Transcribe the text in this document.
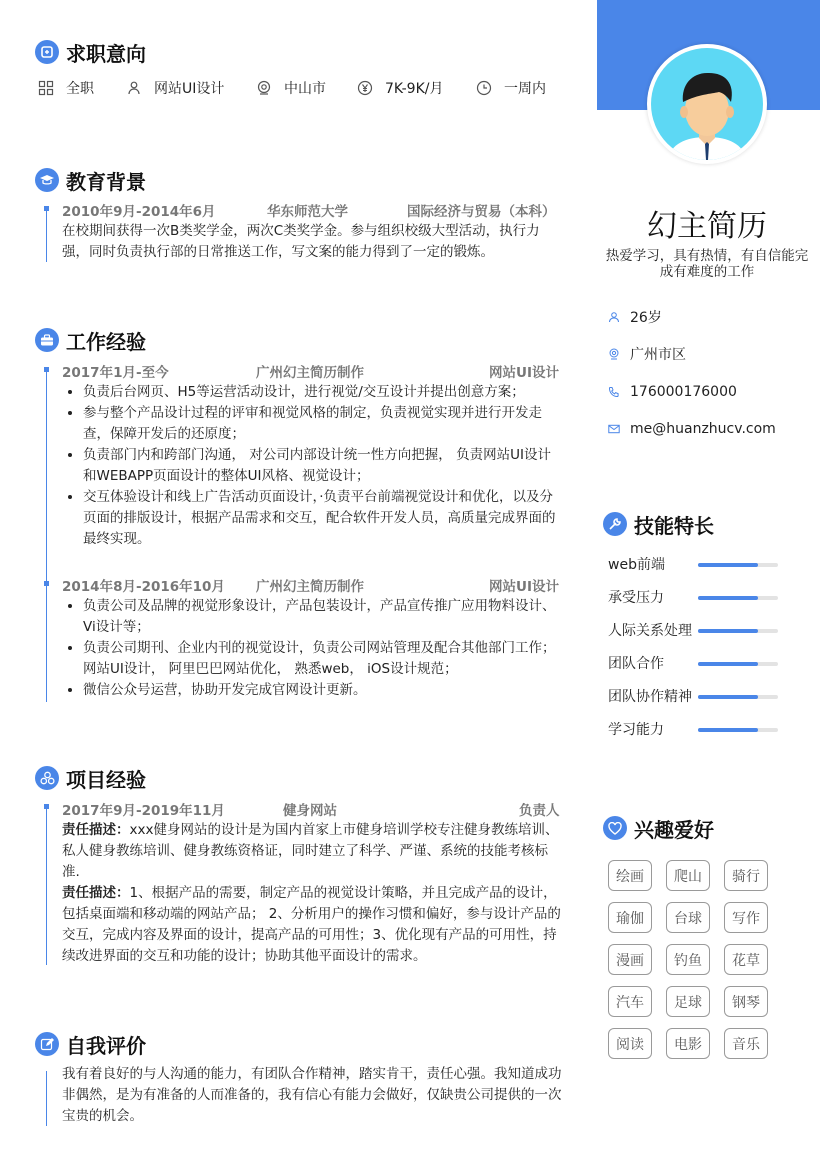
求职意向
全职	网站UI设计	中山市	7K-9K/月	一周内
教育背景
2010年9月-2014年6月	华东师范大学	国际经济与贸易（本科）
在校期间获得一次B类奖学金，两次C类奖学金。参与组织校级大型活动，执行力强，同时负责执行部的日常推送工作，写文案的能力得到了一定的锻炼。
工作经验
2017年1月-至今	广州幻主简历制作	网站UI设计
• 负责后台网页、H5等运营活动设计，进行视觉/交互设计并提出创意方案；
• 参与整个产品设计过程的评审和视觉风格的制定，负责视觉实现并进行开发走查，保障开发后的还原度；
• 负责部门内和跨部门沟通， 对公司内部设计统一性方向把握， 负责网站UI设计和WEBAPP页面设计的整体UI风格、视觉设计；
• 交互体验设计和线上广告活动页面设计，·负责平台前端视觉设计和优化，以及分页面的排版设计，根据产品需求和交互，配合软件开发人员，高质量完成界面的最终实现。
2014年8月-2016年10月 广州幻主简历制作	网站UI设计
• 负责公司及品牌的视觉形象设计，产品包装设计，产品宣传推广应用物料设计、Vi设计等；
• 负责公司期刊、企业内刊的视觉设计，负责公司网站管理及配合其他部门工作；网站UI设计， 阿里巴巴网站优化， 熟悉web， iOS设计规范；
• 微信公众号运营，协助开发完成官网设计更新。
项目经验
2017年9月-2019年11月	健身网站	负责人
责任描述：xxx健身网站的设计是为国内首家上市健身培训学校专注健身教练培训、私人健身教练培训、健身教练资格证，同时建立了科学、严谨、系统的技能考核标准.
责任描述：1、根据产品的需要，制定产品的视觉设计策略，并且完成产品的设计，包括桌面端和移动端的网站产品； 2、分析用户的操作习惯和偏好，参与设计产品的交互，完成内容及界面的设计，提高产品的可用性；3、优化现有产品的可用性，持续改进界面的交互和功能的设计；协助其他平面设计的需求。
自我评价
我有着良好的与人沟通的能力，有团队合作精神，踏实肯干，责任心强。我知道成功非偶然，是为有准备的人而准备的，我有信心有能力会做好，仅缺贵公司提供的一次宝贵的机会。
幻主简历
热爱学习，具有热情，有自信能完成有难度的工作
26岁
广州市区
176000176000
me@huanzhucv.com
技能特长
web前端
承受压力
人际关系处理
团队合作
团队协作精神
学习能力
兴趣爱好
绘画	爬山	骑行
瑜伽	台球	写作
漫画	钓鱼	花草
汽车	足球	钢琴
阅读	电影	音乐
